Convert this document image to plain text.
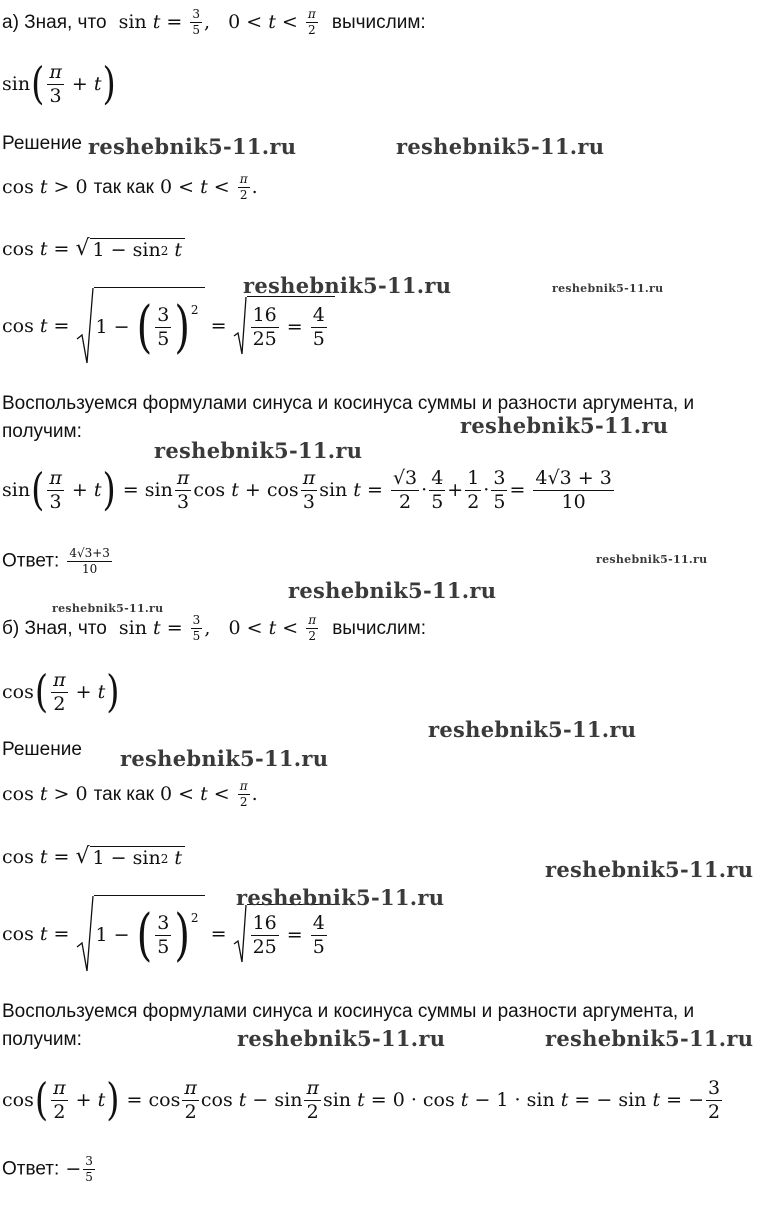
а) Зная, что  $\sin t = \frac{3}{5}$ ,   $0 < t < \frac{\pi}{2}$ вычислим:
sin ( $\frac{\pi}{3} + t$ )
Решение
cos t > 0 так как $0 < t < \frac{\pi}{2}$ .
cos t = √ 1 − sin 2
t
cos t = 1 − ( $\frac{3}{5} )^2$
= $\frac{16}{25} = \frac{4}{5}$
Воспользуемся формулами синуса и косинуса суммы и разности аргумента, и
получим:
sin ( $\frac{\pi}{3} + t$ ) = $\sin \frac{\pi}{3}$ $\cos t + \cos \frac{\pi}{3}$ $\sin t = \frac{√3}{2} \cdot \frac{4}{5} + \frac{1}{2} \cdot \frac{3}{5} = \frac{4√3 + 3}{10}$
Ответ: $\frac{4√3+3}{10}$
б) Зная, что  $\sin t = \frac{3}{5}$ ,   $0 < t < \frac{\pi}{2}$ вычислим:
cos ( $\frac{\pi}{2} + t$ )
Решение
cos t > 0 так как $0 < t < \frac{\pi}{2}$ .
cos t = √ 1 − sin 2
t
cos t = 1 − ( $\frac{3}{5} )^2$
= $\frac{16}{25} = \frac{4}{5}$
Воспользуемся формулами синуса и косинуса суммы и разности аргумента, и
получим:
cos ( $\frac{\pi}{2} + t$ ) = $\cos \frac{\pi}{2}$ $\cos t - \sin \frac{\pi}{2}$ sin t = 0 · cos t − 1 · sin t = − sin t = − $\frac{3}{2}$
Ответ: − $\frac{3}{5}$
reshebnik5-11.ru	reshebnik5-11.ru
reshebnik5-11.ru	reshebnik5-11.ru
reshebnik5-11.ru
reshebnik5-11.ru
reshebnik5-11.ru
reshebnik5-11.ru
reshebnik5-11.ru
reshebnik5-11.ru
reshebnik5-11.ru
reshebnik5-11.ru
reshebnik5-11.ru
reshebnik5-11.ru	reshebnik5-11.ru
